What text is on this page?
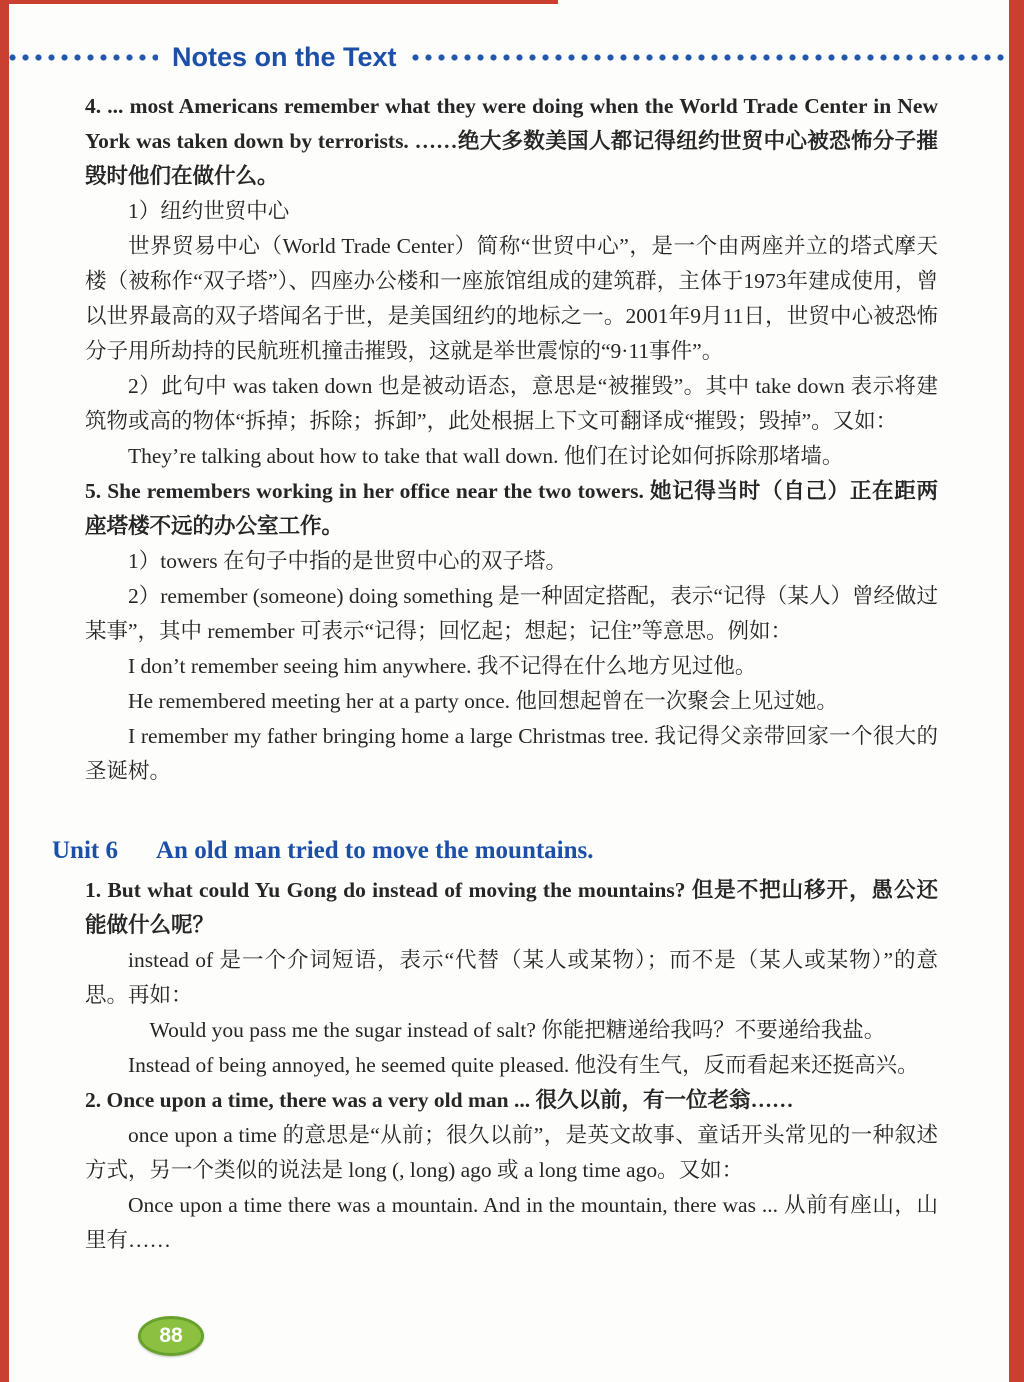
Notes on the Text

4. ... most Americans remember what they were doing when the World Trade Center in New York was taken down by terrorists. ……绝大多数美国人都记得纽约世贸中心被恐怖分子摧毁时他们在做什么。

1）纽约世贸中心

世界贸易中心（World Trade Center）简称“世贸中心”，是一个由两座并立的塔式摩天楼（被称作“双子塔”）、四座办公楼和一座旅馆组成的建筑群，主体于1973年建成使用，曾以世界最高的双子塔闻名于世，是美国纽约的地标之一。2001年9月11日，世贸中心被恐怖分子用所劫持的民航班机撞击摧毁，这就是举世震惊的“9·11事件”。

2）此句中 was taken down 也是被动语态，意思是“被摧毁”。其中 take down 表示将建筑物或高的物体“拆掉；拆除；拆卸”，此处根据上下文可翻译成“摧毁；毁掉”。又如：

They’re talking about how to take that wall down. 他们在讨论如何拆除那堵墙。

5. She remembers working in her office near the two towers. 她记得当时（自己）正在距两座塔楼不远的办公室工作。

1）towers 在句子中指的是世贸中心的双子塔。

2）remember (someone) doing something 是一种固定搭配，表示“记得（某人）曾经做过某事”，其中 remember 可表示“记得；回忆起；想起；记住”等意思。例如：

I don’t remember seeing him anywhere. 我不记得在什么地方见过他。

He remembered meeting her at a party once. 他回想起曾在一次聚会上见过她。

I remember my father bringing home a large Christmas tree. 我记得父亲带回家一个很大的圣诞树。

Unit 6 An old man tried to move the mountains.

1. But what could Yu Gong do instead of moving the mountains? 但是不把山移开，愚公还能做什么呢？

instead of 是一个介词短语，表示“代替（某人或某物）；而不是（某人或某物）”的意思。再如：

Would you pass me the sugar instead of salt? 你能把糖递给我吗？不要递给我盐。

Instead of being annoyed, he seemed quite pleased. 他没有生气，反而看起来还挺高兴。

2. Once upon a time, there was a very old man ... 很久以前，有一位老翁……

once upon a time 的意思是“从前；很久以前”，是英文故事、童话开头常见的一种叙述方式，另一个类似的说法是 long (, long) ago 或 a long time ago。又如：

Once upon a time there was a mountain. And in the mountain, there was ... 从前有座山，山里有……

88
